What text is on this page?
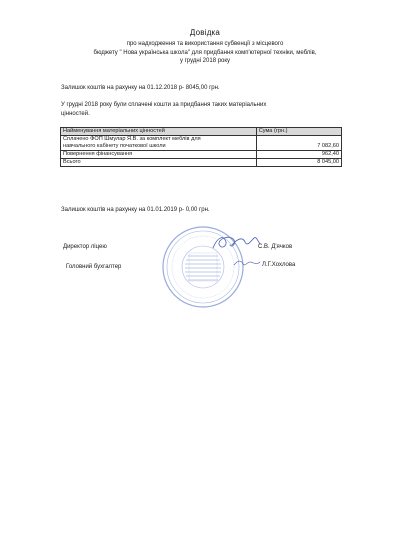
Довідка
про надходження та використання субвенції з місцевого
бюджету " Нова українська школа" для придбання комп'ютерної техніки, меблів,
у грудні 2018 року
Залишок коштів на рахунку на 01.12.2018 р- 8045,00 грн.
У грудні 2018 року були сплачені кошти за придбання таких матеріальних
цінностей.
Найменування матеріальних цінностей	Сума (грн.)

Сплачено ФОП Шмулар Я.В. за комплект меблів для
навчального кабінету початкової школи	7 082,60
Повернення фінансування	962,40
Всього	8 045,00
Залишок коштів на рахунку на 01.01.2019 р- 0,00 грн.
Директор ліцею	С.В. Д'ячков
Головний бухгалтер	Л.Г.Хохлова
